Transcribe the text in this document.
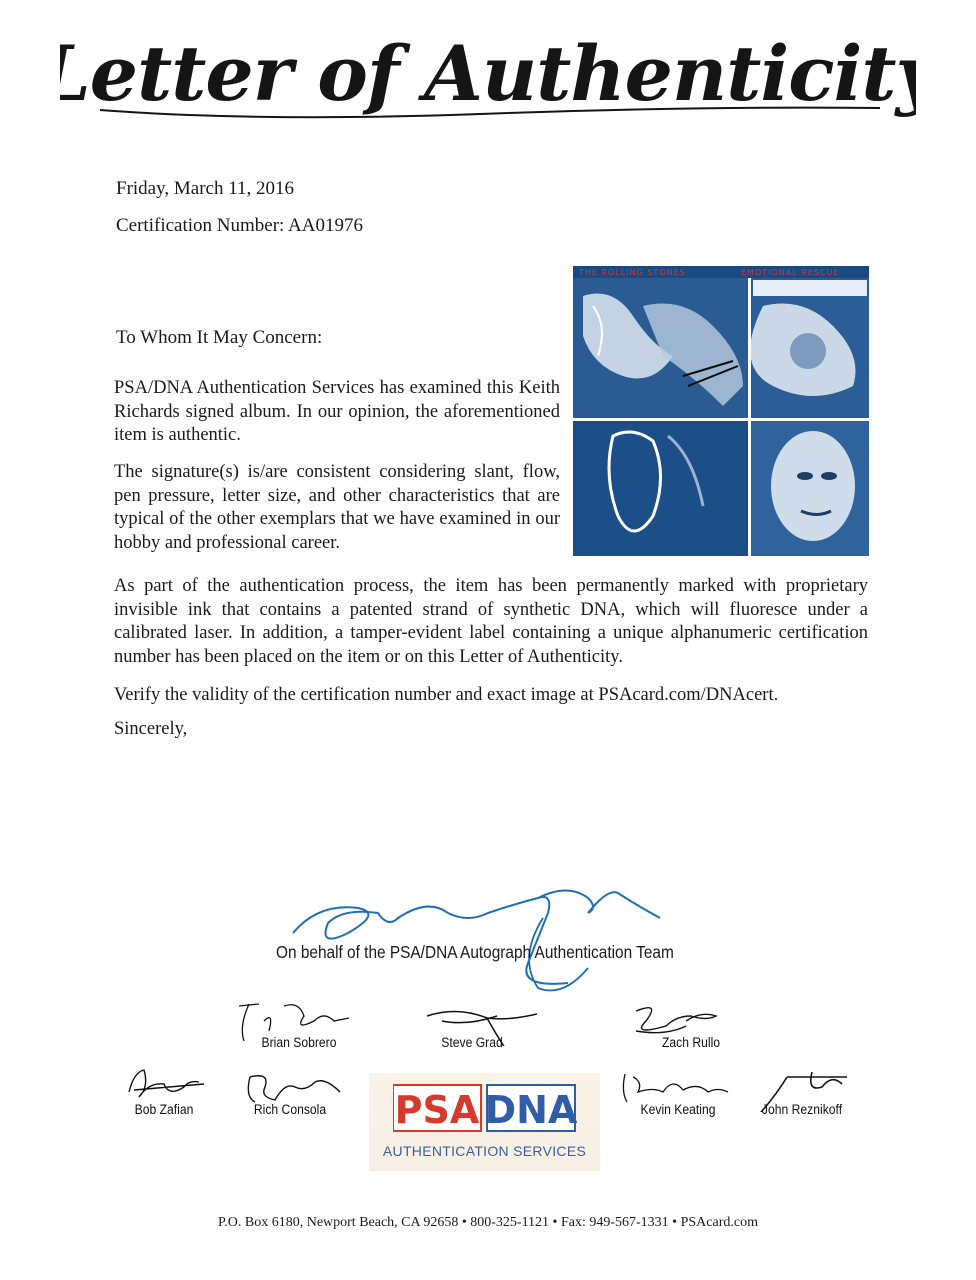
Letter of Authenticity
Friday, March 11, 2016
Certification Number: AA01976
THE ROLLING STONES	EMOTIONAL RESCUE
To Whom It May Concern:

PSA/DNA Authentication Services has examined this Keith Richards signed album. In our opinion, the aforementioned item is authentic.

The signature(s) is/are consistent considering slant, flow, pen pressure, letter size, and other characteristics that are typical of the other exemplars that we have examined in our hobby and professional career.

As part of the authentication process, the item has been permanently marked with proprietary invisible ink that contains a patented strand of synthetic DNA, which will fluoresce under a calibrated laser. In addition, a tamper-evident label containing a unique alphanumeric certification number has been placed on the item or on this Letter of Authenticity.

Verify the validity of the certification number and exact image at PSAcard.com/DNAcert.

Sincerely,

On behalf of the PSA/DNA Autograph Authentication Team
Brian Sobrero	Steve Grad	Zach Rullo
Bob Zafian	Rich Consola	Kevin Keating	John Reznikoff
PSA DNA
AUTHENTICATION SERVICES
P.O. Box 6180, Newport Beach, CA 92658 • 800-325-1121 • Fax: 949-567-1331 • PSAcard.com
